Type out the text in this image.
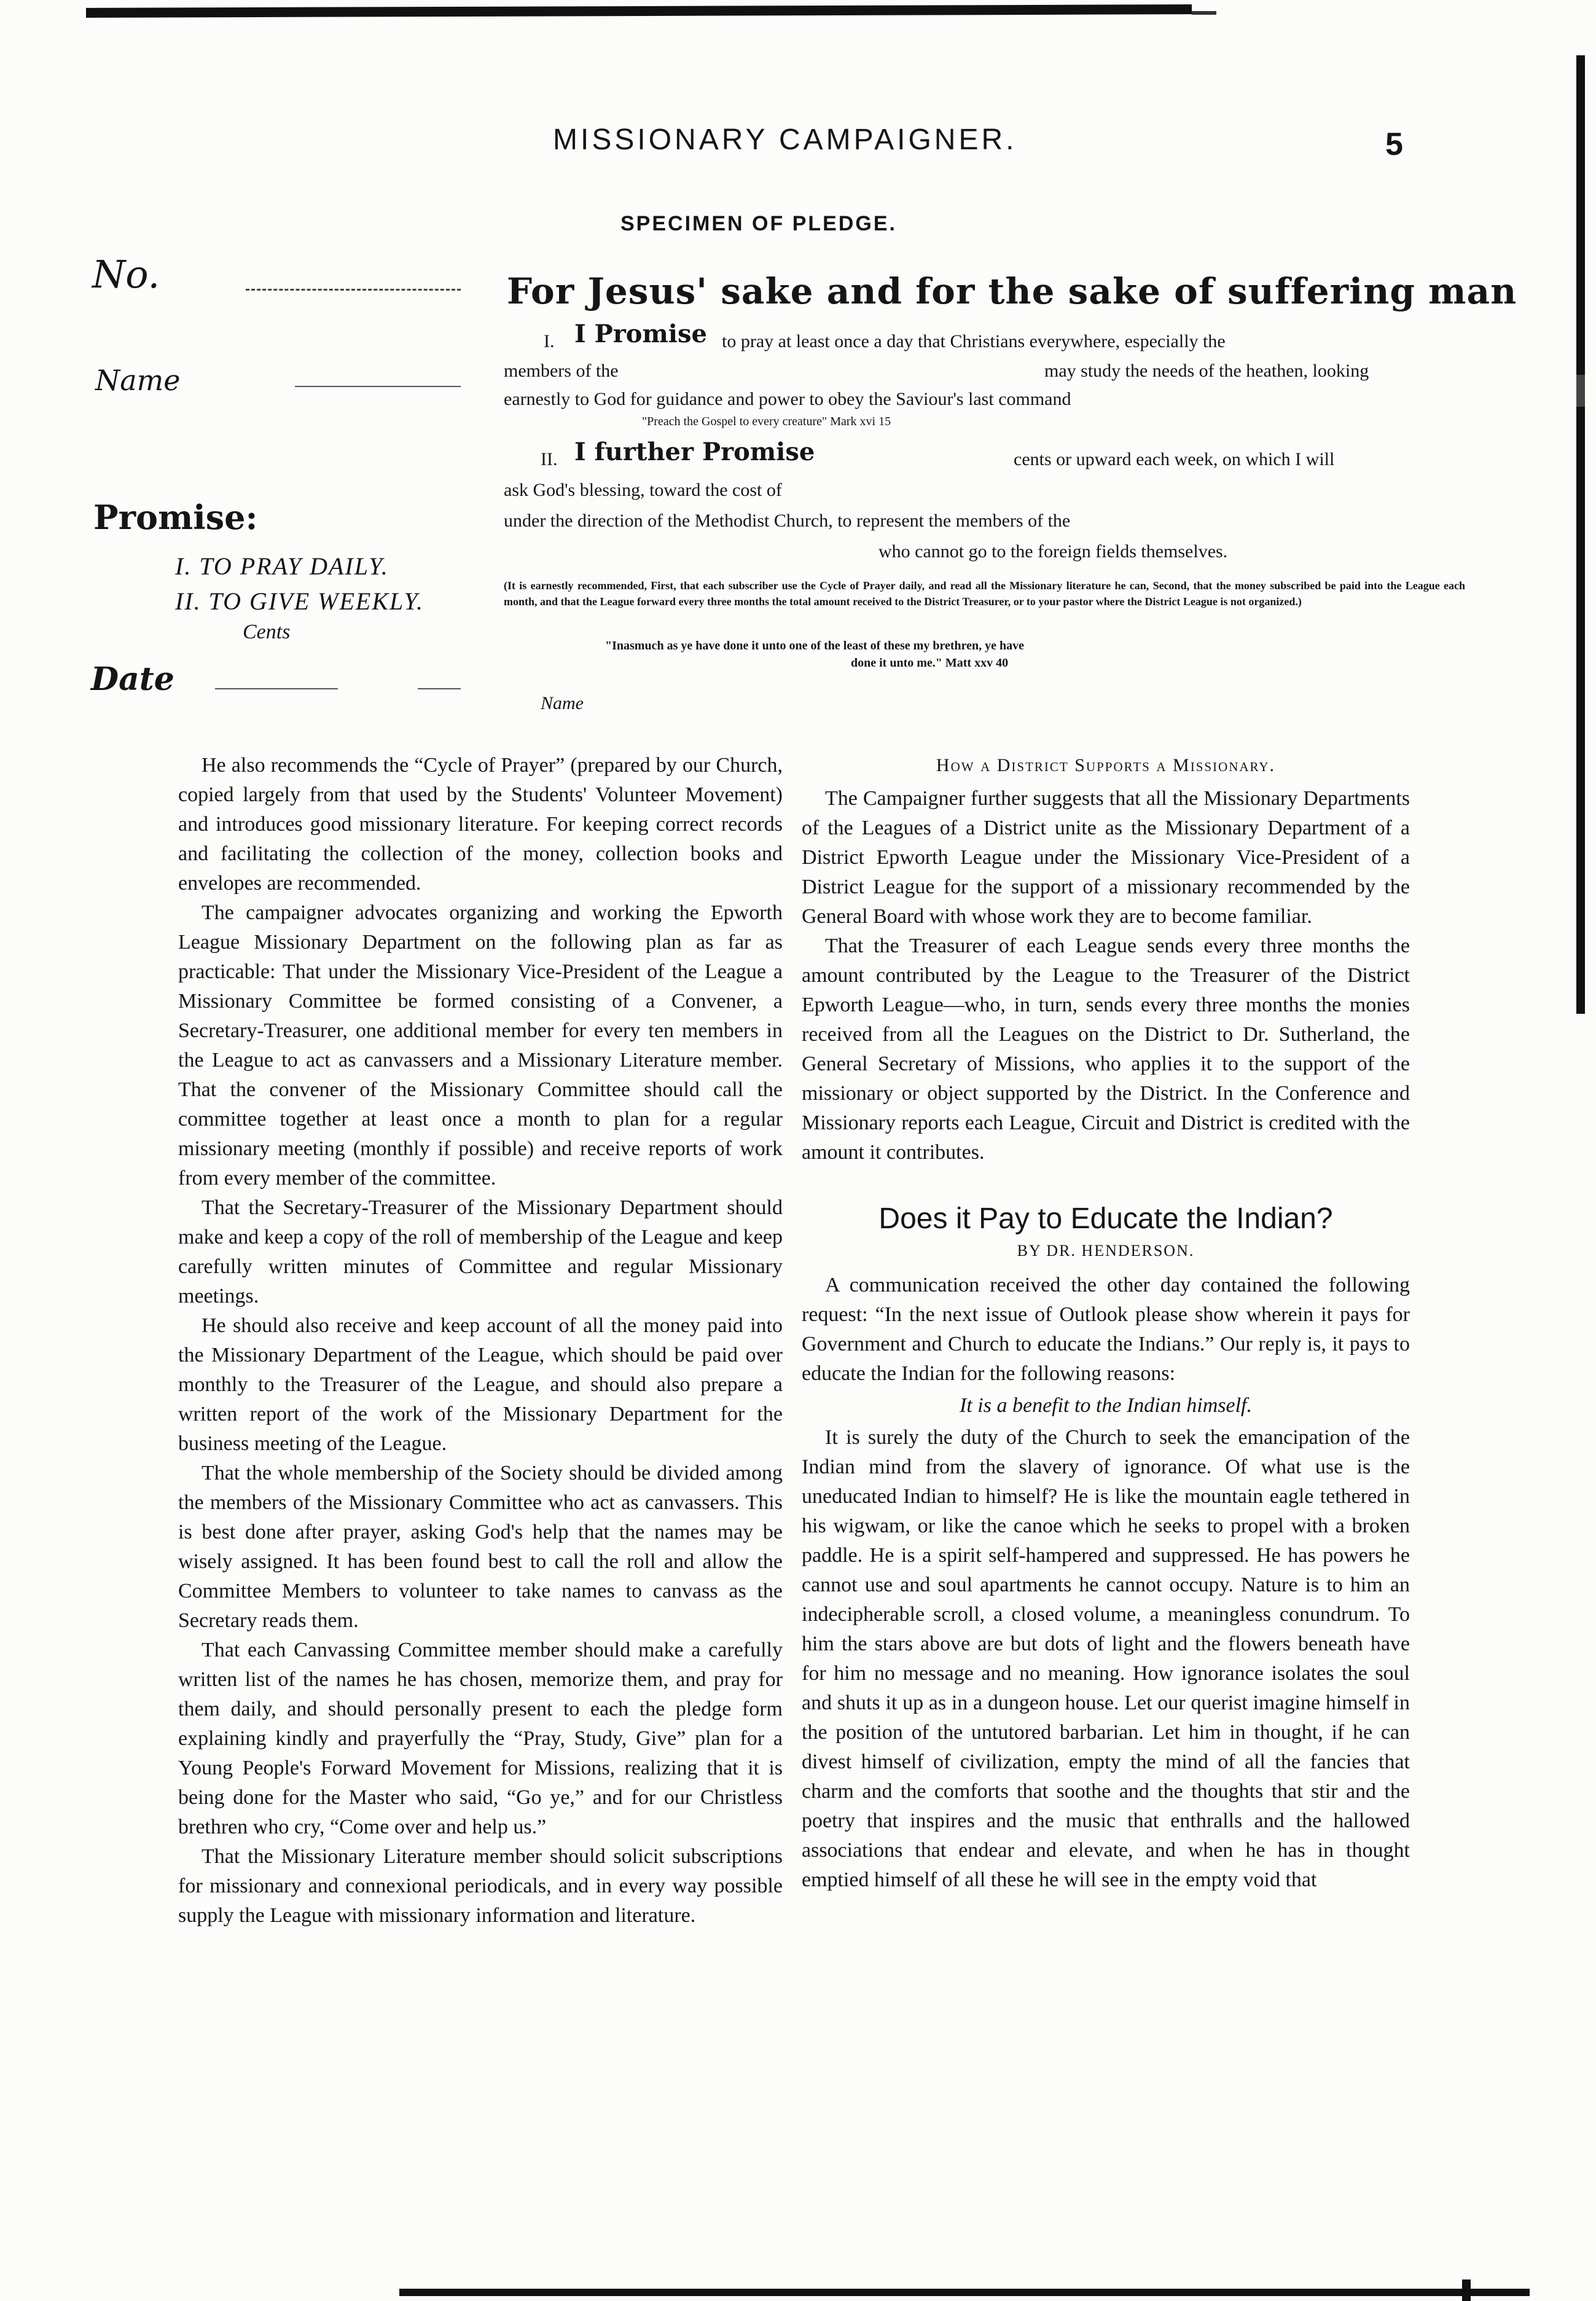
MISSIONARY CAMPAIGNER.	5
SPECIMEN OF PLEDGE.
No.
Name
Promise:
I. TO PRAY DAILY.
II. TO GIVE WEEKLY.
Cents
Date
For Jesus' sake and for the sake of suffering man
I. I Promise to pray at least once a day that Christians everywhere, especially the
members of the	may study the needs of the heathen, looking
earnestly to God for guidance and power to obey the Saviour's last command
"Preach the Gospel to every creature" Mark xvi 15
II. I further Promise	cents or upward each week, on which I will
ask God's blessing, toward the cost of
under the direction of the Methodist Church, to represent the members of the
who cannot go to the foreign fields themselves.
(It is earnestly recommended, First, that each subscriber use the Cycle of Prayer daily, and read all the Missionary literature he can, Second, that the money subscribed be paid into the League each month, and that the League forward every three months the total amount received to the District Treasurer, or to your pastor where the District League is not organized.)
"Inasmuch as ye have done it unto one of the least of these my brethren, ye have
done it unto me." Matt xxv 40
Name

He also recommends the “Cycle of Prayer” (prepared by our Church, copied largely from that used by the Students' Volunteer Movement) and introduces good missionary literature. For keeping correct records and facilitating the collection of the money, collection books and envelopes are recommended.

The campaigner advocates organizing and working the Epworth League Missionary Department on the following plan as far as practicable: That under the Missionary Vice-President of the League a Missionary Committee be formed consisting of a Convener, a Secretary-Treasurer, one additional member for every ten members in the League to act as canvassers and a Missionary Literature member. That the convener of the Missionary Committee should call the committee together at least once a month to plan for a regular missionary meeting (monthly if possible) and receive reports of work from every member of the committee.

That the Secretary-Treasurer of the Missionary Department should make and keep a copy of the roll of membership of the League and keep carefully written minutes of Committee and regular Missionary meetings.

He should also receive and keep account of all the money paid into the Missionary Department of the League, which should be paid over monthly to the Treasurer of the League, and should also prepare a written report of the work of the Missionary Department for the business meeting of the League.

That the whole membership of the Society should be divided among the members of the Missionary Committee who act as canvassers. This is best done after prayer, asking God's help that the names may be wisely assigned. It has been found best to call the roll and allow the Committee Members to volunteer to take names to canvass as the Secretary reads them.

That each Canvassing Committee member should make a carefully written list of the names he has chosen, memorize them, and pray for them daily, and should personally present to each the pledge form explaining kindly and prayerfully the “Pray, Study, Give” plan for a Young People's Forward Movement for Missions, realizing that it is being done for the Master who said, “Go ye,” and for our Christless brethren who cry, “Come over and help us.”

That the Missionary Literature member should solicit subscriptions for missionary and connexional periodicals, and in every way possible supply the League with missionary information and literature.

How a District Supports a Missionary.

The Campaigner further suggests that all the Missionary Departments of the Leagues of a District unite as the Missionary Department of a District Epworth League under the Missionary Vice-President of a District League for the support of a missionary recommended by the General Board with whose work they are to become familiar.

That the Treasurer of each League sends every three months the amount contributed by the League to the Treasurer of the District Epworth League—who, in turn, sends every three months the monies received from all the Leagues on the District to Dr. Sutherland, the General Secretary of Missions, who applies it to the support of the missionary or object supported by the District. In the Conference and Missionary reports each League, Circuit and District is credited with the amount it contributes.

Does it Pay to Educate the Indian?
BY DR. HENDERSON.

A communication received the other day contained the following request: “In the next issue of Outlook please show wherein it pays for Government and Church to educate the Indians.” Our reply is, it pays to educate the Indian for the following reasons:

It is a benefit to the Indian himself.

It is surely the duty of the Church to seek the emancipation of the Indian mind from the slavery of ignorance. Of what use is the uneducated Indian to himself? He is like the mountain eagle tethered in his wigwam, or like the canoe which he seeks to propel with a broken paddle. He is a spirit self-hampered and suppressed. He has powers he cannot use and soul apartments he cannot occupy. Nature is to him an indecipherable scroll, a closed volume, a meaningless conundrum. To him the stars above are but dots of light and the flowers beneath have for him no message and no meaning. How ignorance isolates the soul and shuts it up as in a dungeon house. Let our querist imagine himself in the position of the untutored barbarian. Let him in thought, if he can divest himself of civilization, empty the mind of all the fancies that charm and the comforts that soothe and the thoughts that stir and the poetry that inspires and the music that enthralls and the hallowed associations that endear and elevate, and when he has in thought emptied himself of all these he will see in the empty void that
